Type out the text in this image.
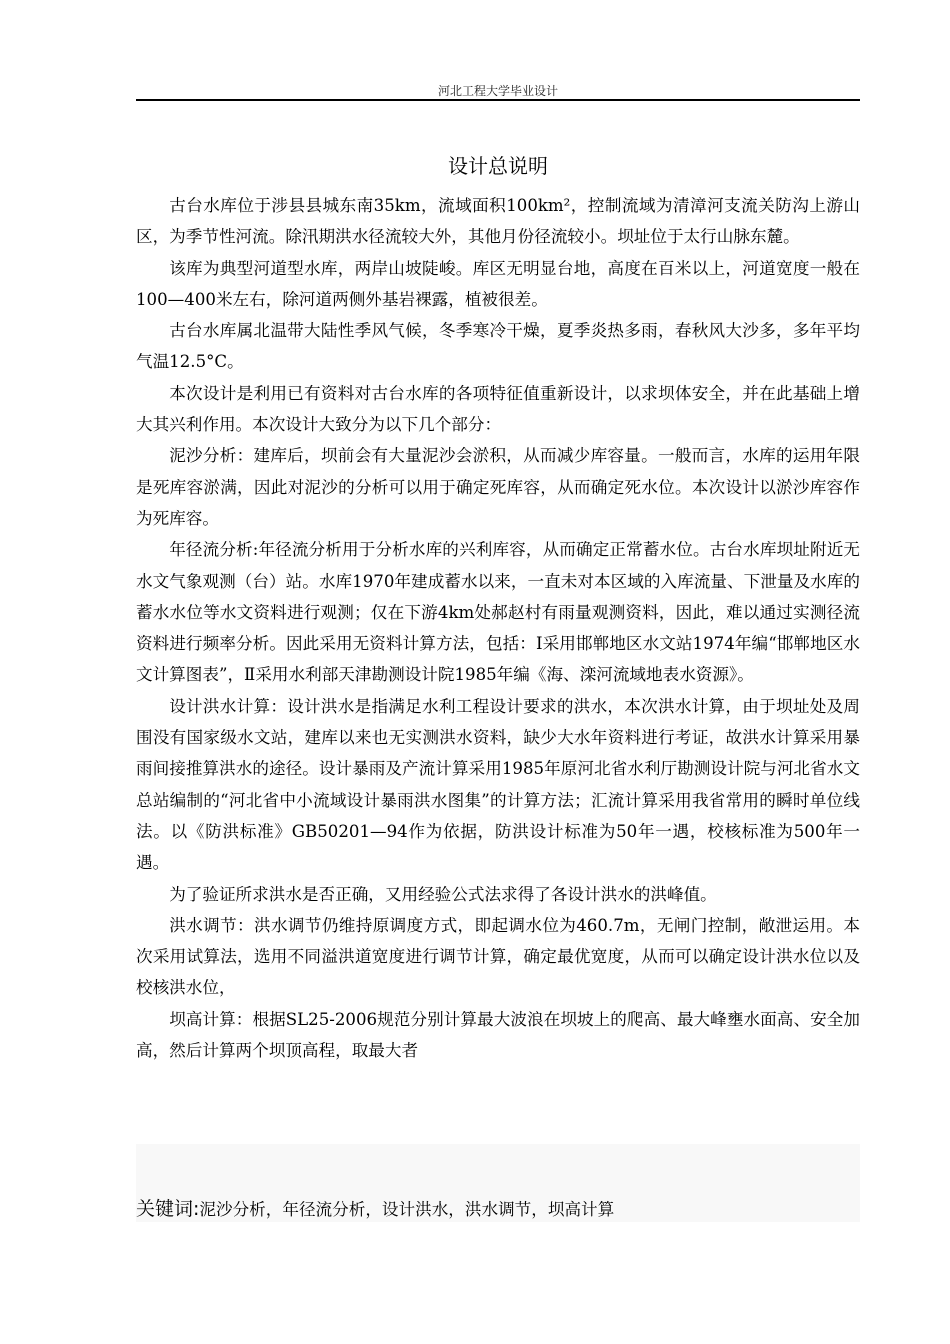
河北工程大学毕业设计
设计总说明

古台水库位于涉县县城东南35km，流域面积100km²，控制流域为清漳河支流关防沟上游山区，为季节性河流。除汛期洪水径流较大外，其他月份径流较小。坝址位于太行山脉东麓。

该库为典型河道型水库，两岸山坡陡峻。库区无明显台地，高度在百米以上，河道宽度一般在100—400米左右，除河道两侧外基岩裸露，植被很差。

古台水库属北温带大陆性季风气候，冬季寒冷干燥，夏季炎热多雨，春秋风大沙多，多年平均气温12.5°C。

本次设计是利用已有资料对古台水库的各项特征值重新设计，以求坝体安全，并在此基础上增大其兴利作用。本次设计大致分为以下几个部分：

泥沙分析：建库后，坝前会有大量泥沙会淤积，从而减少库容量。一般而言，水库的运用年限是死库容淤满，因此对泥沙的分析可以用于确定死库容，从而确定死水位。本次设计以淤沙库容作为死库容。

年径流分析:年径流分析用于分析水库的兴利库容，从而确定正常蓄水位。古台水库坝址附近无水文气象观测（台）站。水库1970年建成蓄水以来，一直未对本区域的入库流量、下泄量及水库的蓄水水位等水文资料进行观测；仅在下游4km处郝赵村有雨量观测资料，因此，难以通过实测径流资料进行频率分析。因此采用无资料计算方法，包括：Ⅰ采用邯郸地区水文站1974年编“邯郸地区水文计算图表”，Ⅱ采用水利部天津勘测设计院1985年编《海、滦河流域地表水资源》。

设计洪水计算：设计洪水是指满足水利工程设计要求的洪水，本次洪水计算，由于坝址处及周围没有国家级水文站，建库以来也无实测洪水资料，缺少大水年资料进行考证，故洪水计算采用暴雨间接推算洪水的途径。设计暴雨及产流计算采用1985年原河北省水利厅勘测设计院与河北省水文总站编制的“河北省中小流域设计暴雨洪水图集”的计算方法；汇流计算采用我省常用的瞬时单位线法。以《防洪标准》GB50201—94作为依据，防洪设计标准为50年一遇，校核标准为500年一遇。

为了验证所求洪水是否正确，又用经验公式法求得了各设计洪水的洪峰值。

洪水调节：洪水调节仍维持原调度方式，即起调水位为460.7m，无闸门控制，敞泄运用。本次采用试算法，选用不同溢洪道宽度进行调节计算，确定最优宽度，从而可以确定设计洪水位以及校核洪水位，

坝高计算：根据SL25-2006规范分别计算最大波浪在坝坡上的爬高、最大峰壅水面高、安全加高，然后计算两个坝顶高程，取最大者

关键词:泥沙分析，年径流分析，设计洪水，洪水调节，坝高计算
